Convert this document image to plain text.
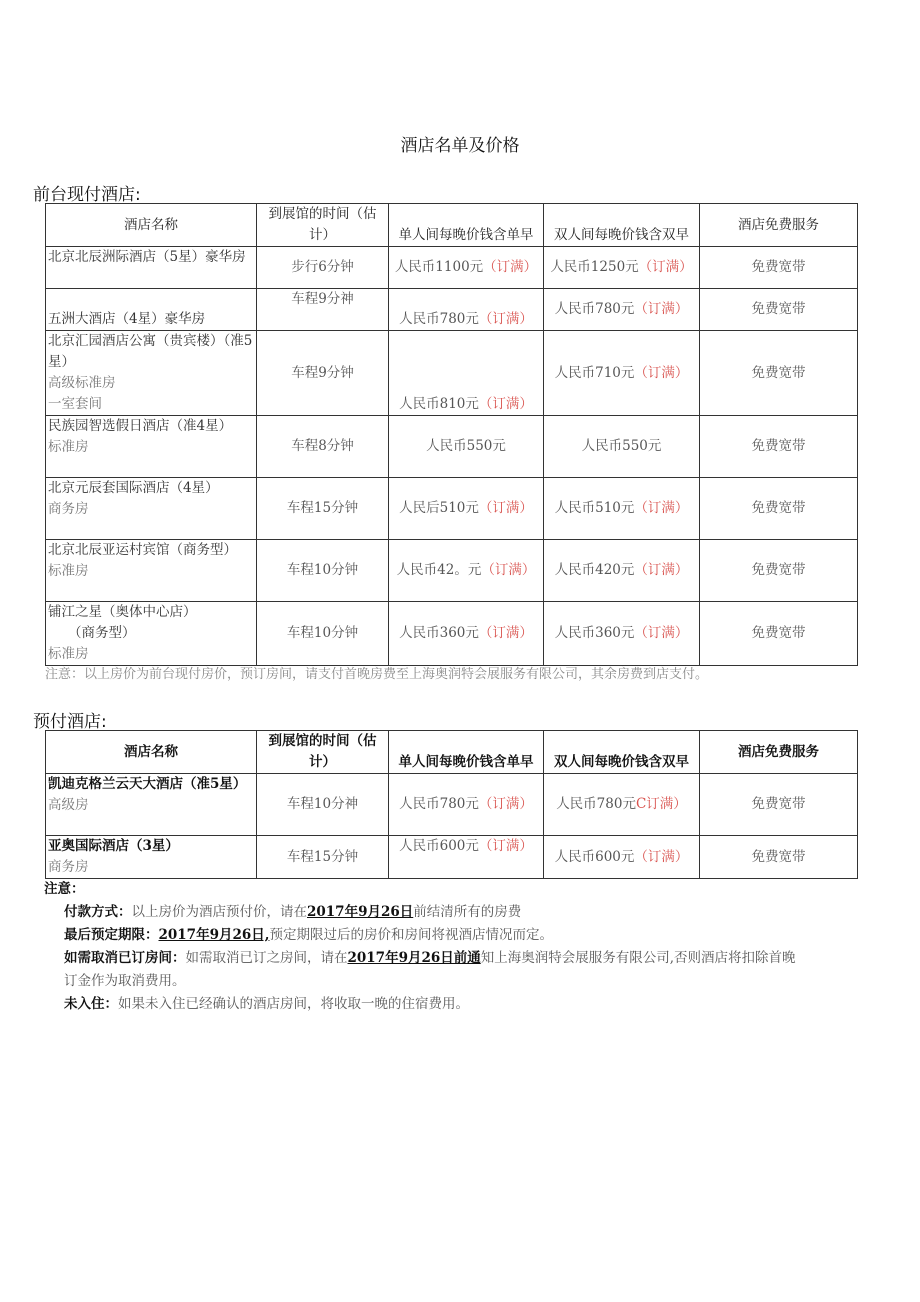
酒店名单及价格
前台现付酒店:
酒店名称	到展馆的时间（估计）	单人间每晚价钱含单早	双人间每晚价钱含双早	酒店免费服务
北京北辰洲际酒店（5星）豪华房	步行6分钟	人民币1100元（订满）	人民币1250元（订满）	免费宽带
五洲大酒店（4星）豪华房	车程9分神	人民币780元（订满）	人民币780元（订满）	免费宽带
北京汇园酒店公寓（贵宾楼）（准5星）
高级标准房
一室套间	车程9分钟	人民币810元（订满）	人民币710元（订满）	免费宽带
民族园智选假日酒店（准4星）
标准房	车程8分钟	人民币550元	人民币550元	免费宽带
北京元辰套国际酒店（4星）
商务房	车程15分钟	人民后510元（订满）	人民币510元（订满）	免费宽带
北京北辰亚运村宾馆（商务型）
标准房	车程10分钟	人民币42。元（订满）	人民币420元（订满）	免费宽带
铺江之星（奥体中心店）
（商务型）
标准房	车程10分钟	人民币360元（订满）	人民币360元（订满）	免费宽带
注意：以上房价为前台现付房价，预订房间，请支付首晚房费至上海奥润特会展服务有限公司，其余房费到店支付。
预付酒店:
酒店名称	到展馆的时间（估计）	单人间每晚价钱含单早	双人间每晚价钱含双早	酒店免费服务
凯迪克格兰云天大酒店（准5星）
高级房	车程10分神	人民币780元（订满）	人民币780元C订满）	免费宽带
亚奥国际酒店（3星）
商务房	车程15分钟	人民币600元（订满）	人民币600元（订满）	免费宽带

注意：

付款方式：以上房价为酒店预付价，请在2017年9月26日前结清所有的房费

最后预定期限：2017年9月26日,预定期限过后的房价和房间将视酒店情况而定。

如需取消已订房间：如需取消已订之房间，请在2017年9月26日前通知上海奥润特会展服务有限公司,否则酒店将扣除首晚订金作为取消费用。

未入住：如果未入住已经确认的酒店房间，将收取一晚的住宿费用。
